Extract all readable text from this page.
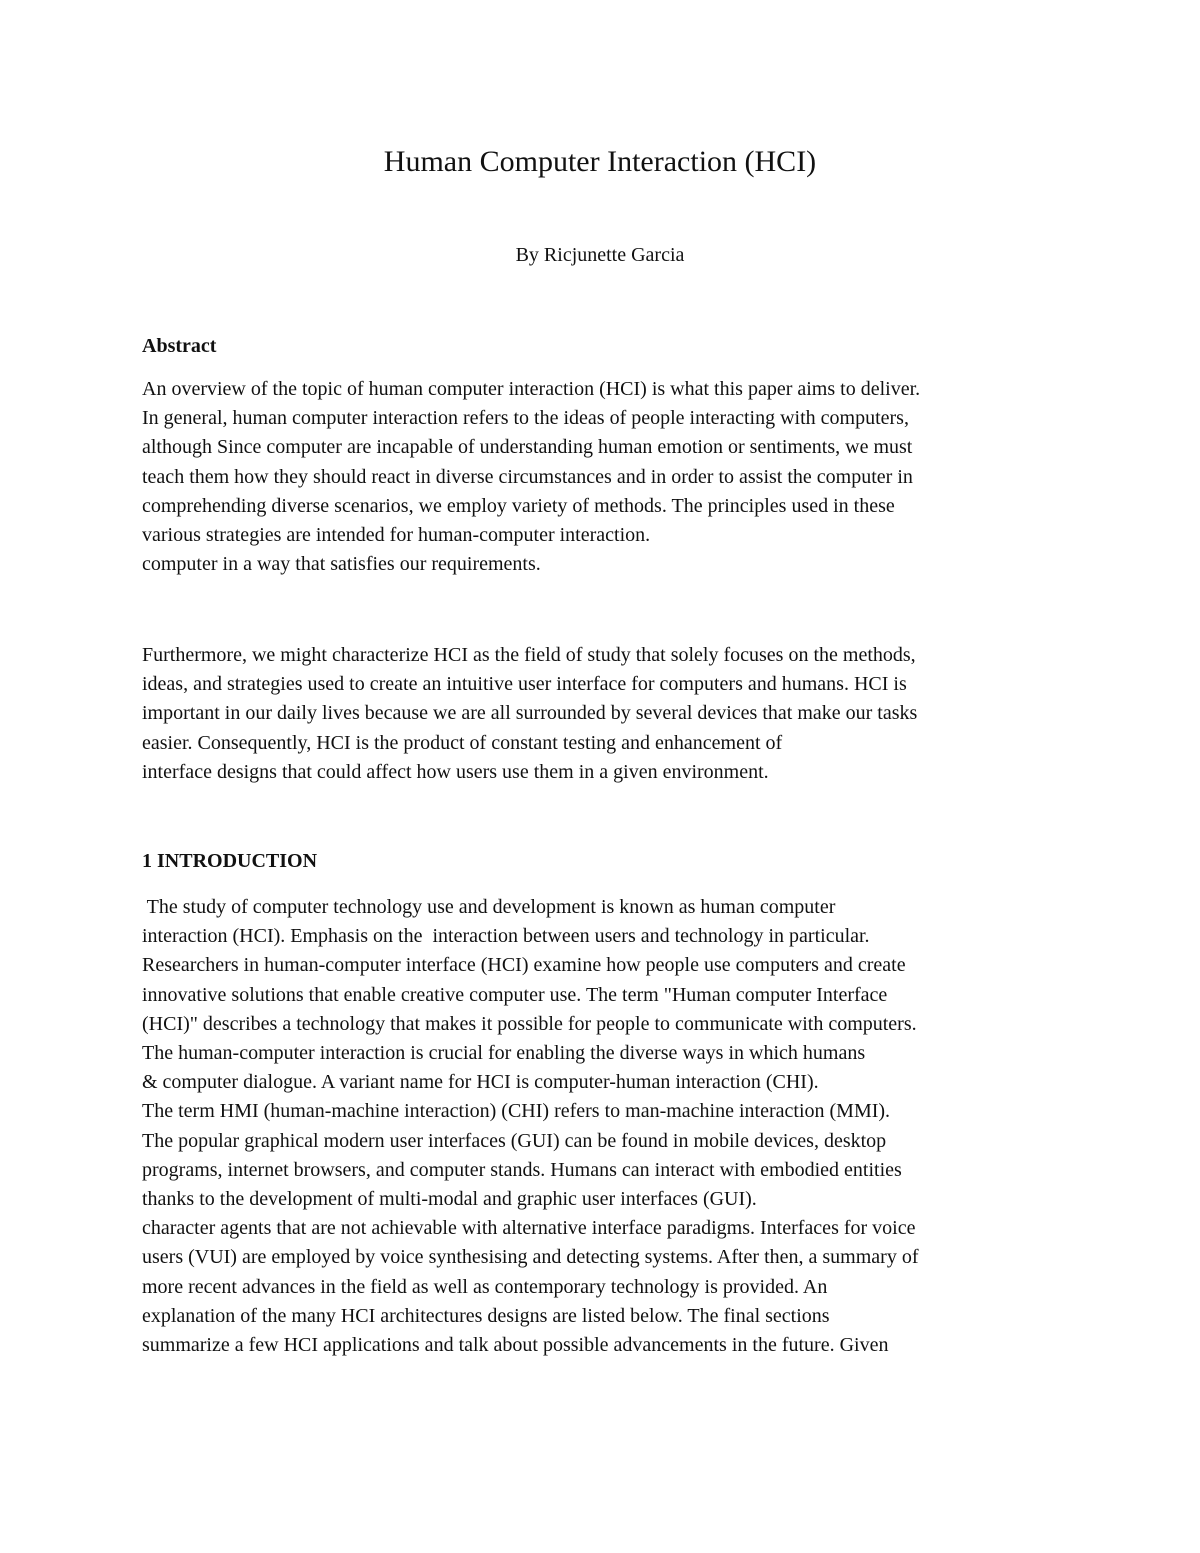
Human Computer Interaction (HCI)

By Ricjunette Garcia

Abstract

An overview of the topic of human computer interaction (HCI) is what this paper aims to deliver.
In general, human computer interaction refers to the ideas of people interacting with computers,
although Since computer are incapable of understanding human emotion or sentiments, we must
teach them how they should react in diverse circumstances and in order to assist the computer in
comprehending diverse scenarios, we employ variety of methods. The principles used in these
various strategies are intended for human-computer interaction.
computer in a way that satisfies our requirements.

Furthermore, we might characterize HCI as the field of study that solely focuses on the methods,
ideas, and strategies used to create an intuitive user interface for computers and humans. HCI is
important in our daily lives because we are all surrounded by several devices that make our tasks
easier. Consequently, HCI is the product of constant testing and enhancement of
interface designs that could affect how users use them in a given environment.

1 INTRODUCTION

The study of computer technology use and development is known as human computer
interaction (HCI). Emphasis on the  interaction between users and technology in particular.
Researchers in human-computer interface (HCI) examine how people use computers and create
innovative solutions that enable creative computer use. The term "Human computer Interface
(HCI)" describes a technology that makes it possible for people to communicate with computers.
The human-computer interaction is crucial for enabling the diverse ways in which humans
& computer dialogue. A variant name for HCI is computer-human interaction (CHI).
The term HMI (human-machine interaction) (CHI) refers to man-machine interaction (MMI).
The popular graphical modern user interfaces (GUI) can be found in mobile devices, desktop
programs, internet browsers, and computer stands. Humans can interact with embodied entities
thanks to the development of multi-modal and graphic user interfaces (GUI).
character agents that are not achievable with alternative interface paradigms. Interfaces for voice
users (VUI) are employed by voice synthesising and detecting systems. After then, a summary of
more recent advances in the field as well as contemporary technology is provided. An
explanation of the many HCI architectures designs are listed below. The final sections
summarize a few HCI applications and talk about possible advancements in the future. Given
